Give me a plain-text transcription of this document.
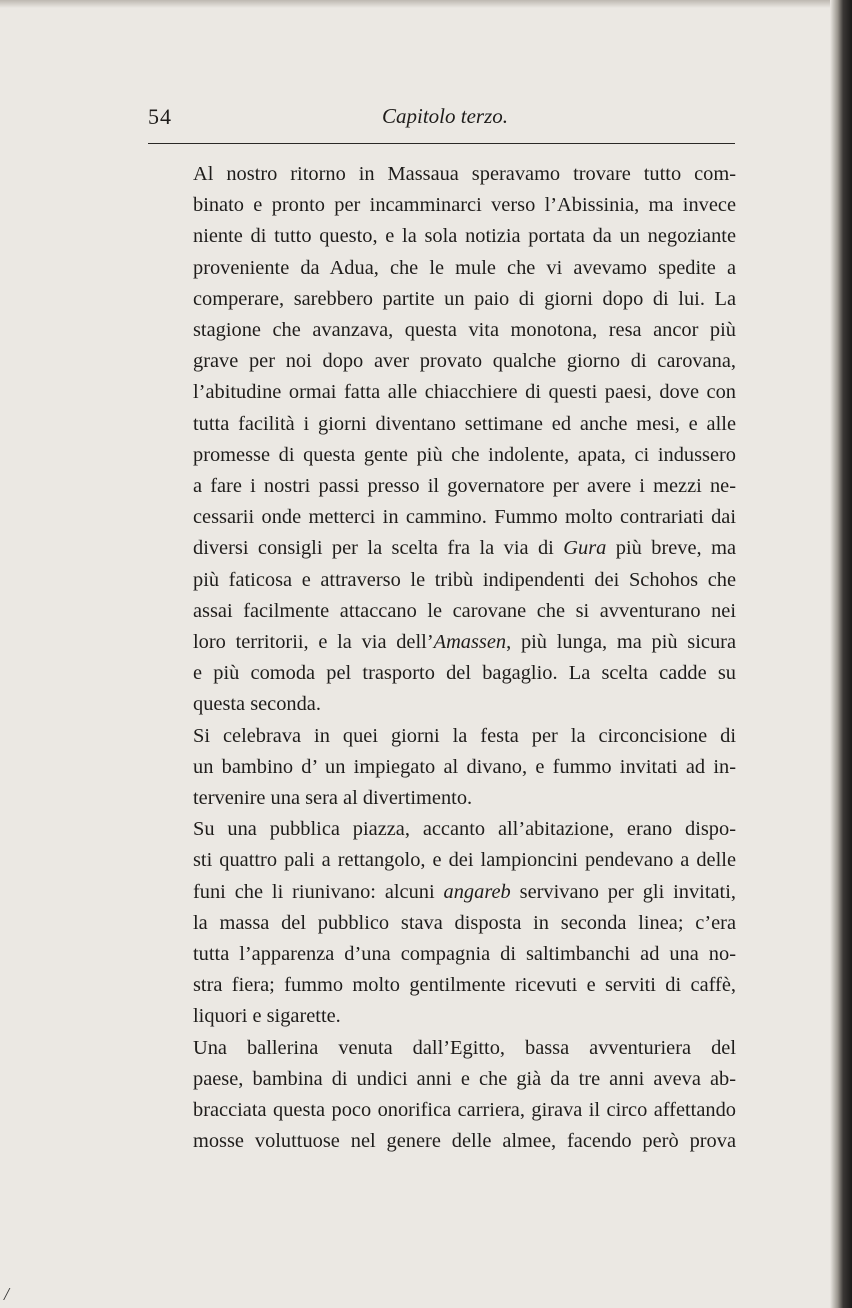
54	Capitolo terzo.

Al nostro ritorno in Massaua speravamo trovare tutto com-
binato e pronto per incamminarci verso l’Abissinia, ma invece
niente di tutto questo, e la sola notizia portata da un negoziante
proveniente da Adua, che le mule che vi avevamo spedite a
comperare, sarebbero partite un paio di giorni dopo di lui. La
stagione che avanzava, questa vita monotona, resa ancor più
grave per noi dopo aver provato qualche giorno di carovana,
l’abitudine ormai fatta alle chiacchiere di questi paesi, dove con
tutta facilità i giorni diventano settimane ed anche mesi, e alle
promesse di questa gente più che indolente, apata, ci indussero
a fare i nostri passi presso il governatore per avere i mezzi ne-
cessarii onde metterci in cammino. Fummo molto contrariati dai
diversi consigli per la scelta fra la via di Gura più breve, ma
più faticosa e attraverso le tribù indipendenti dei Schohos che
assai facilmente attaccano le carovane che si avventurano nei
loro territorii, e la via dell’Amassen, più lunga, ma più sicura
e più comoda pel trasporto del bagaglio. La scelta cadde su
questa seconda.

Si celebrava in quei giorni la festa per la circoncisione di
un bambino d’ un impiegato al divano, e fummo invitati ad in-
tervenire una sera al divertimento.

Su una pubblica piazza, accanto all’abitazione, erano dispo-
sti quattro pali a rettangolo, e dei lampioncini pendevano a delle
funi che li riunivano: alcuni angareb servivano per gli invitati,
la massa del pubblico stava disposta in seconda linea; c’era
tutta l’apparenza d’una compagnia di saltimbanchi ad una no-
stra fiera; fummo molto gentilmente ricevuti e serviti di caffè,
liquori e sigarette.

Una ballerina venuta dall’Egitto, bassa avventuriera del
paese, bambina di undici anni e che già da tre anni aveva ab-
bracciata questa poco onorifica carriera, girava il circo affettando
mosse voluttuose nel genere delle almee, facendo però prova

/
